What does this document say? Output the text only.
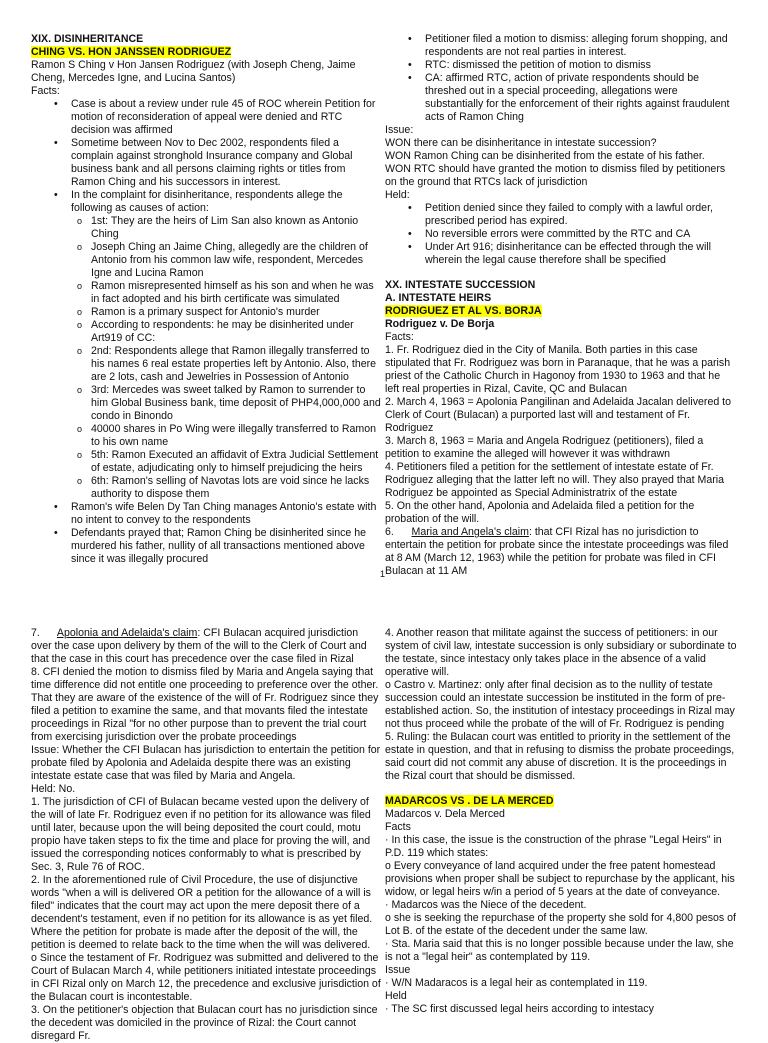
XIX. DISINHERITANCE

CHING VS. HON JANSSEN RODRIGUEZ

Ramon S Ching v Hon Jansen Rodriguez (with Joseph Cheng, Jaime Cheng, Mercedes Igne, and Lucina Santos)

Facts:

• Case is about a review under rule 45 of ROC wherein Petition for motion of reconsideration of appeal were denied and RTC decision was affirmed

• Sometime between Nov to Dec 2002, respondents filed a complain against stronghold Insurance company and Global business bank and all persons claiming rights or titles from Ramon Ching and his successors in interest.

• In the complaint for disinheritance, respondents allege the following as causes of action:

o 1st: They are the heirs of Lim San also known as Antonio Ching

o Joseph Ching an Jaime Ching, allegedly are the children of Antonio from his common law wife, respondent, Mercedes Igne and Lucina Ramon

o Ramon misrepresented himself as his son and when he was in fact adopted and his birth certificate was simulated

o Ramon is a primary suspect for Antonio's murder

o According to respondents: he may be disinherited under Art919 of CC:

o 2nd: Respondents allege that Ramon illegally transferred to his names 6 real estate properties left by Antonio. Also, there are 2 lots, cash and Jewelries in Possession of Antonio

o 3rd: Mercedes was sweet talked by Ramon to surrender to him Global Business bank, time deposit of PHP4,000,000 and condo in Binondo

o 40000 shares in Po Wing were illegally transferred to Ramon to his own name

o 5th: Ramon Executed an affidavit of Extra Judicial Settlement of estate, adjudicating only to himself prejudicing the heirs

o 6th: Ramon's selling of Navotas lots are void since he lacks authority to dispose them

• Ramon's wife Belen Dy Tan Ching manages Antonio's estate with no intent to convey to the respondents

• Defendants prayed that; Ramon Ching be disinherited since he murdered his father, nullity of all transactions mentioned above since it was illegally procured

• Petitioner filed a motion to dismiss: alleging forum shopping, and respondents are not real parties in interest.

• RTC: dismissed the petition of motion to dismiss

• CA: affirmed RTC, action of private respondents should be threshed out in a special proceeding, allegations were substantially for the enforcement of their rights against fraudulent acts of Ramon Ching

Issue:

WON there can be disinheritance in intestate succession?

WON Ramon Ching can be disinherited from the estate of his father.

WON RTC should have granted the motion to dismiss filed by petitioners on the ground that RTCs lack of jurisdiction

Held:

• Petition denied since they failed to comply with a lawful order, prescribed period has expired.

• No reversible errors were committed by the RTC and CA

• Under Art 916; disinheritance can be effected through the will wherein the legal cause therefore shall be specified

XX. INTESTATE SUCCESSION

A. INTESTATE HEIRS

RODRIGUEZ ET AL VS. BORJA

Rodriguez v. De Borja

Facts:

1. Fr. Rodriguez died in the City of Manila. Both parties in this case stipulated that Fr. Rodriguez was born in Paranaque, that he was a parish priest of the Catholic Church in Hagonoy from 1930 to 1963 and that he left real properties in Rizal, Cavite, QC and Bulacan

2. March 4, 1963 = Apolonia Pangilinan and Adelaida Jacalan delivered to Clerk of Court (Bulacan) a purported last will and testament of Fr. Rodriguez

3. March 8, 1963 = Maria and Angela Rodriguez (petitioners), filed a petition to examine the alleged will however it was withdrawn

4. Petitioners filed a petition for the settlement of intestate estate of Fr. Rodriguez alleging that the latter left no will. They also prayed that Maria Rodriguez be appointed as Special Administratrix of the estate

5. On the other hand, Apolonia and Adelaida filed a petition for the probation of the will.

6.      Maria and Angela's claim: that CFI Rizal has no jurisdiction to entertain the petition for probate since the intestate proceedings was filed at 8 AM (March 12, 1963) while the petition for probate was filed in CFI Bulacan at 11 AM

1

7.      Apolonia and Adelaida's claim: CFI Bulacan acquired jurisdiction over the case upon delivery by them of the will to the Clerk of Court and that the case in this court has precedence over the case filed in Rizal

8. CFI denied the motion to dismiss filed by Maria and Angela saying that time difference did not entitle one proceeding to preference over the other. That they are aware of the existence of the will of Fr. Rodriguez since they filed a petition to examine the same, and that movants filed the intestate proceedings in Rizal "for no other purpose than to prevent the trial court from exercising jurisdiction over the probate proceedings

Issue: Whether the CFI Bulacan has jurisdiction to entertain the petition for probate filed by Apolonia and Adelaida despite there was an existing intestate estate case that was filed by Maria and Angela.

Held: No.

1. The jurisdiction of CFI of Bulacan became vested upon the delivery of the will of late Fr. Rodriguez even if no petition for its allowance was filed until later, because upon the will being deposited the court could, motu propio have taken steps to fix the time and place for proving the will, and issued the corresponding notices conformably to what is prescribed by Sec. 3, Rule 76 of ROC.

2. In the aforementioned rule of Civil Procedure, the use of disjunctive words "when a will is delivered OR a petition for the allowance of a will is filed" indicates that the court may act upon the mere deposit there of a decendent's testament, even if no petition for its allowance is as yet filed. Where the petition for probate is made after the deposit of the will, the petition is deemed to relate back to the time when the will was delivered.

o Since the testament of Fr. Rodriguez was submitted and delivered to the Court of Bulacan March 4, while petitioners initiated intestate proceedings in CFI Rizal only on March 12, the precedence and exclusive jurisdiction of the Bulacan court is incontestable.

3. On the petitioner's objection that Bulacan court has no jurisdiction since the decedent was domiciled in the province of Rizal: the Court cannot disregard Fr.

4. Another reason that militate against the success of petitioners: in our system of civil law, intestate succession is only subsidiary or subordinate to the testate, since intestacy only takes place in the absence of a valid operative will.

o Castro v. Martinez: only after final decision as to the nullity of testate succession could an intestate succession be instituted in the form of pre-established action. So, the institution of intestacy proceedings in Rizal may not thus proceed while the probate of the will of Fr. Rodriguez is pending

5. Ruling: the Bulacan court was entitled to priority in the settlement of the estate in question, and that in refusing to dismiss the probate proceedings, said court did not commit any abuse of discretion. It is the proceedings in the Rizal court that should be dismissed.

MADARCOS VS . DE LA MERCED

Madarcos v. Dela Merced

Facts

· In this case, the issue is the construction of the phrase "Legal Heirs" in P.D. 119 which states:

o Every conveyance of land acquired under the free patent homestead provisions when proper shall be subject to repurchase by the applicant, his widow, or legal heirs w/in a period of 5 years at the date of conveyance.

· Madarcos was the Niece of the decedent.

o she is seeking the repurchase of the property she sold for 4,800 pesos of Lot B. of the estate of the decedent under the same law.

· Sta. Maria said that this is no longer possible because under the law, she is not a "legal heir" as contemplated by 119.

Issue

· W/N Madaracos is a legal heir as contemplated in 119.

Held

· The SC first discussed legal heirs according to intestacy
